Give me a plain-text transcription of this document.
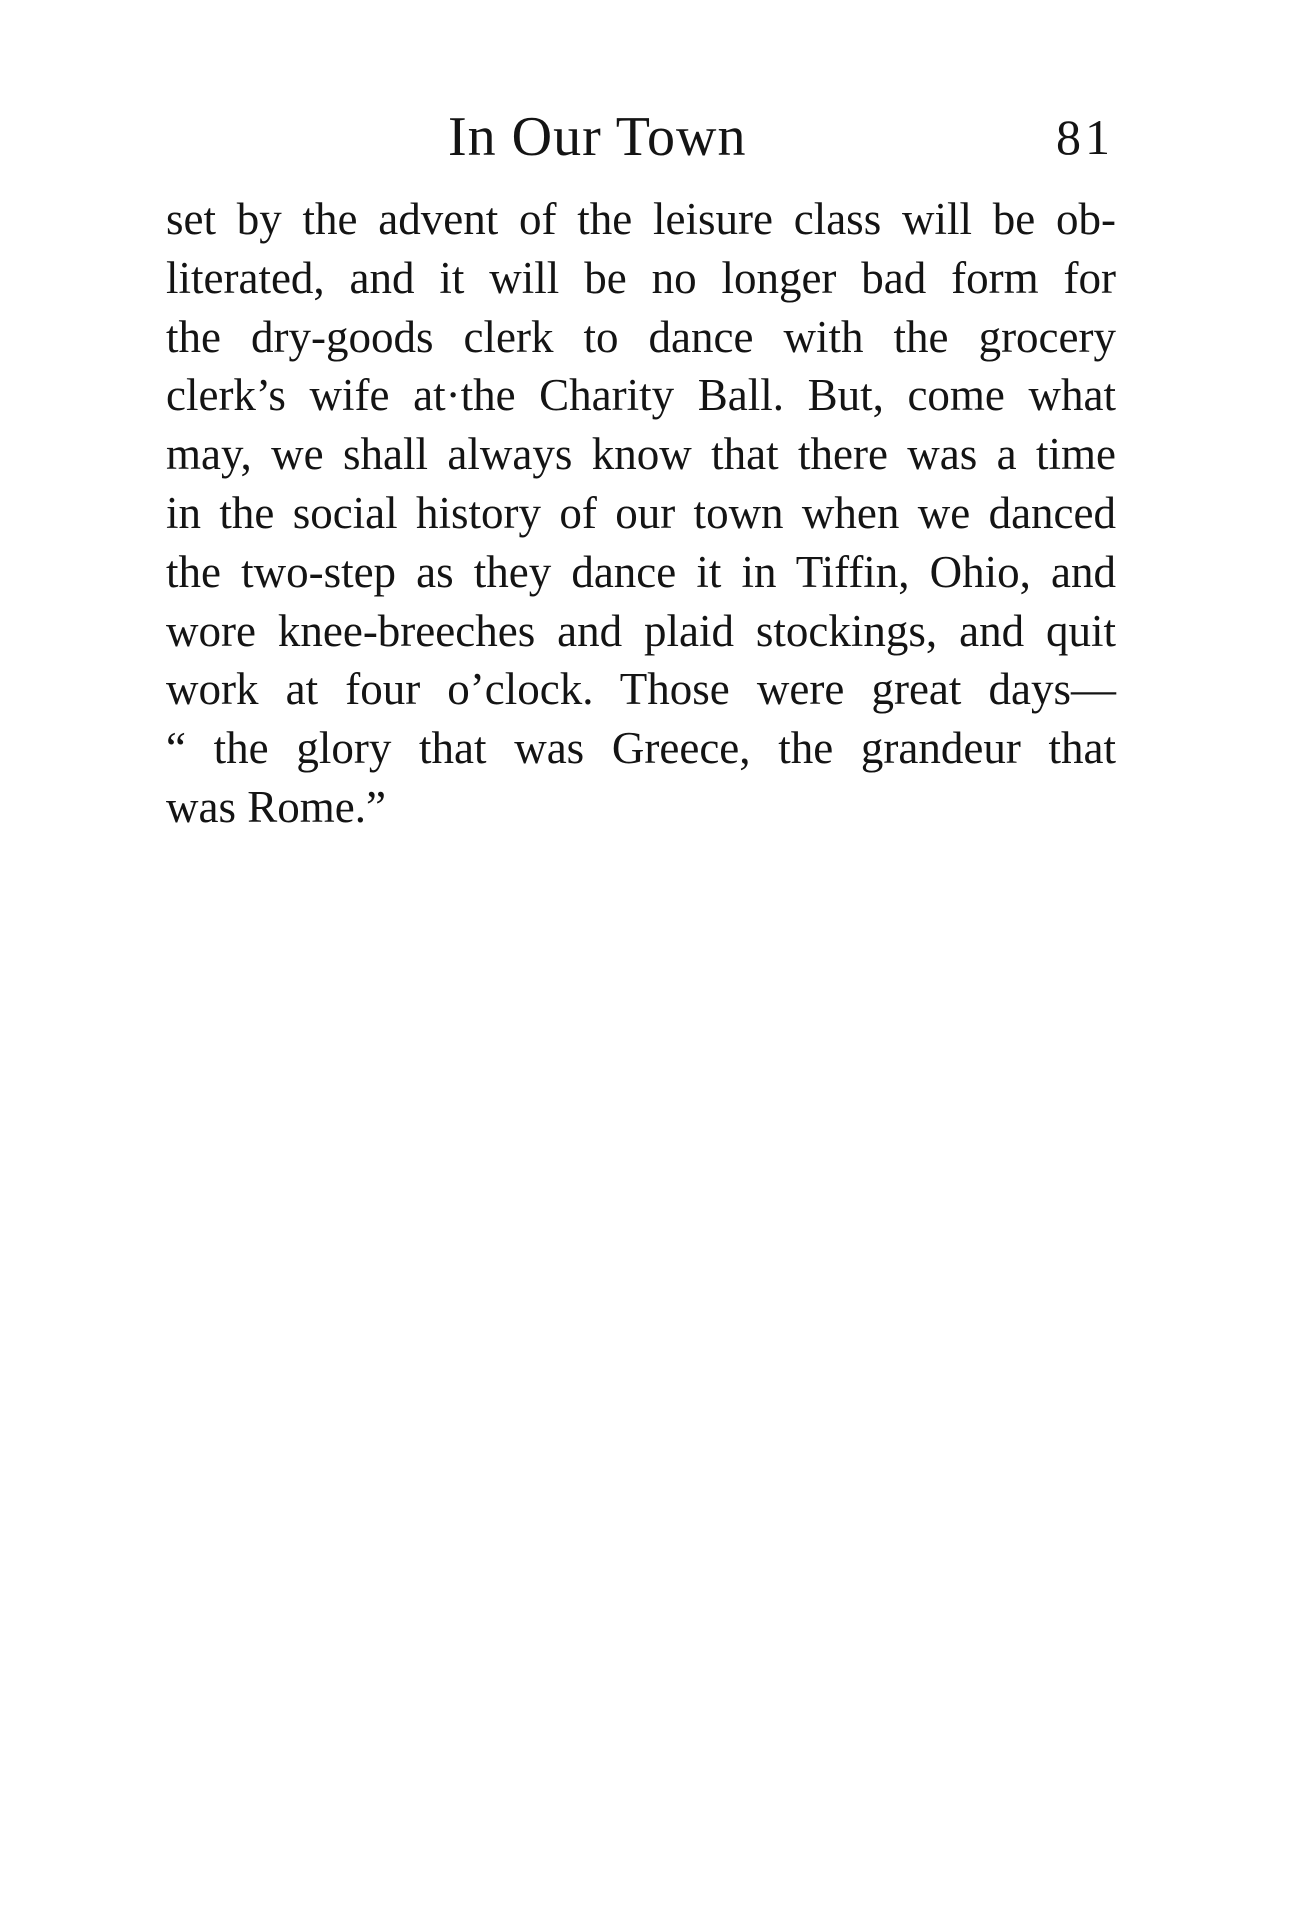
In Our Town	81
set by the advent of the leisure class will be ob-
literated, and it will be no longer bad form for
the dry-goods clerk to dance with the grocery
clerk’s wife at·the Charity Ball. But, come what
may, we shall always know that there was a time
in the social history of our town when we danced
the two-step as they dance it in Tiffin, Ohio, and
wore knee-breeches and plaid stockings, and quit
work at four o’clock. Those were great days—
“ the glory that was Greece, the grandeur that
was Rome.”
